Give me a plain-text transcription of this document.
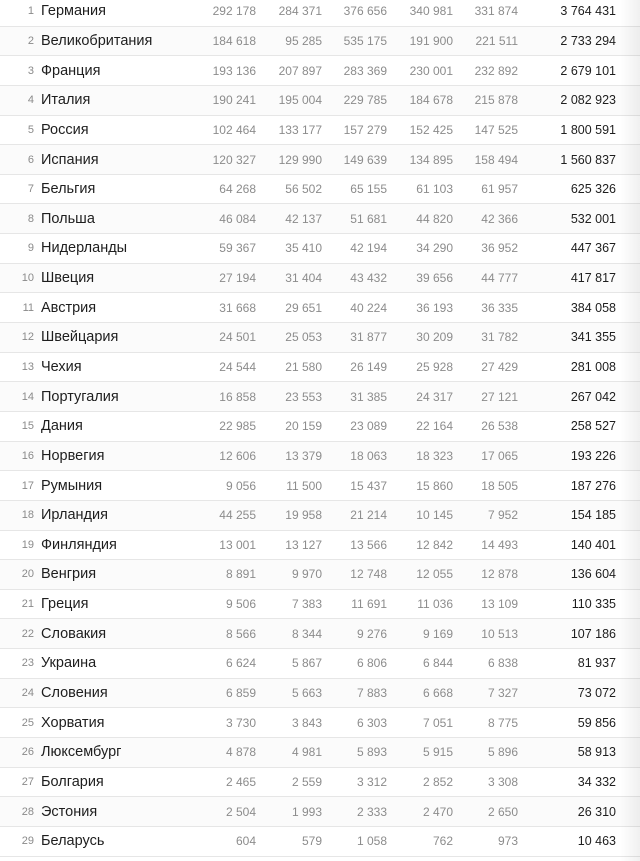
1 Германия	292 178	284 371	376 656	340 981	331 874	3 764 431
2 Великобритания	184 618	95 285	535 175	191 900	221 511	2 733 294
3 Франция	193 136	207 897	283 369	230 001	232 892	2 679 101
4 Италия	190 241	195 004	229 785	184 678	215 878	2 082 923
5 Россия	102 464	133 177	157 279	152 425	147 525	1 800 591
6 Испания	120 327	129 990	149 639	134 895	158 494	1 560 837
7 Бельгия	64 268	56 502	65 155	61 103	61 957	625 326
8 Польша	46 084	42 137	51 681	44 820	42 366	532 001
9 Нидерланды	59 367	35 410	42 194	34 290	36 952	447 367
10 Швеция	27 194	31 404	43 432	39 656	44 777	417 817
11 Австрия	31 668	29 651	40 224	36 193	36 335	384 058
12 Швейцария	24 501	25 053	31 877	30 209	31 782	341 355
13 Чехия	24 544	21 580	26 149	25 928	27 429	281 008
14 Португалия	16 858	23 553	31 385	24 317	27 121	267 042
15 Дания	22 985	20 159	23 089	22 164	26 538	258 527
16 Норвегия	12 606	13 379	18 063	18 323	17 065	193 226
17 Румыния	9 056	11 500	15 437	15 860	18 505	187 276
18 Ирландия	44 255	19 958	21 214	10 145	7 952	154 185
19 Финляндия	13 001	13 127	13 566	12 842	14 493	140 401
20 Венгрия	8 891	9 970	12 748	12 055	12 878	136 604
21 Греция	9 506	7 383	11 691	11 036	13 109	110 335
22 Словакия	8 566	8 344	9 276	9 169	10 513	107 186
23 Украина	6 624	5 867	6 806	6 844	6 838	81 937
24 Словения	6 859	5 663	7 883	6 668	7 327	73 072
25 Хорватия	3 730	3 843	6 303	7 051	8 775	59 856
26 Люксембург	4 878	4 981	5 893	5 915	5 896	58 913
27 Болгария	2 465	2 559	3 312	2 852	3 308	34 332
28 Эстония	2 504	1 993	2 333	2 470	2 650	26 310
29 Беларусь	604	579	1 058	762	973	10 463
